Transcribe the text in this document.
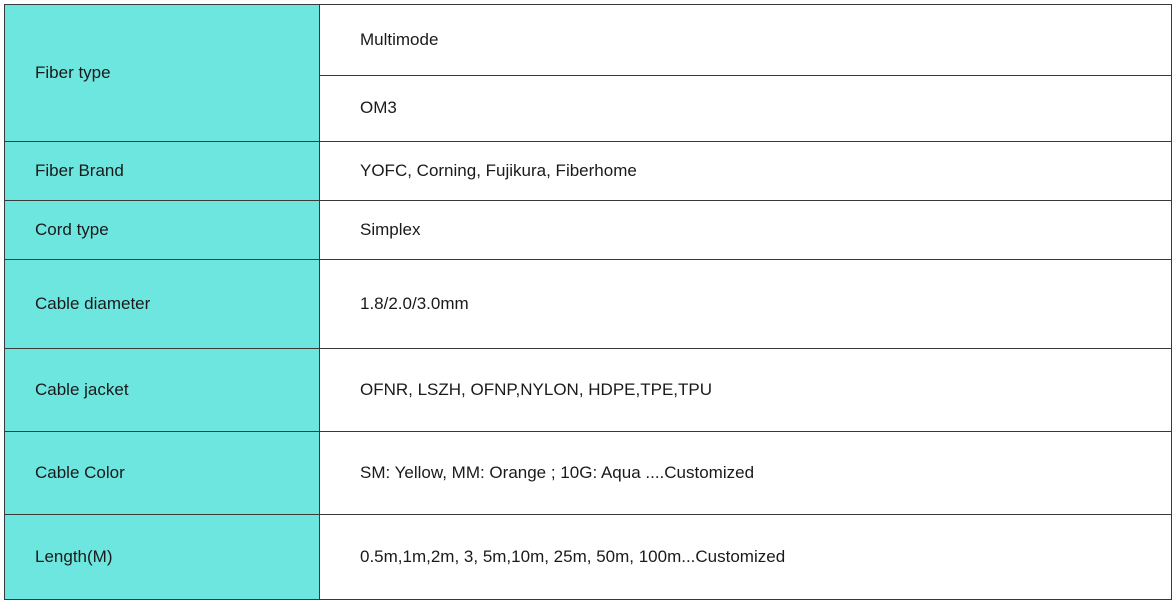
Fiber type	Multimode
	OM3
Fiber Brand	YOFC, Corning, Fujikura, Fiberhome
Cord type	Simplex
Cable diameter	1.8/2.0/3.0mm
Cable jacket	OFNR, LSZH, OFNP,NYLON, HDPE,TPE,TPU
Cable Color	SM: Yellow, MM: Orange ; 10G: Aqua ....Customized
Length(M)	0.5m,1m,2m, 3, 5m,10m, 25m, 50m, 100m...Customized
